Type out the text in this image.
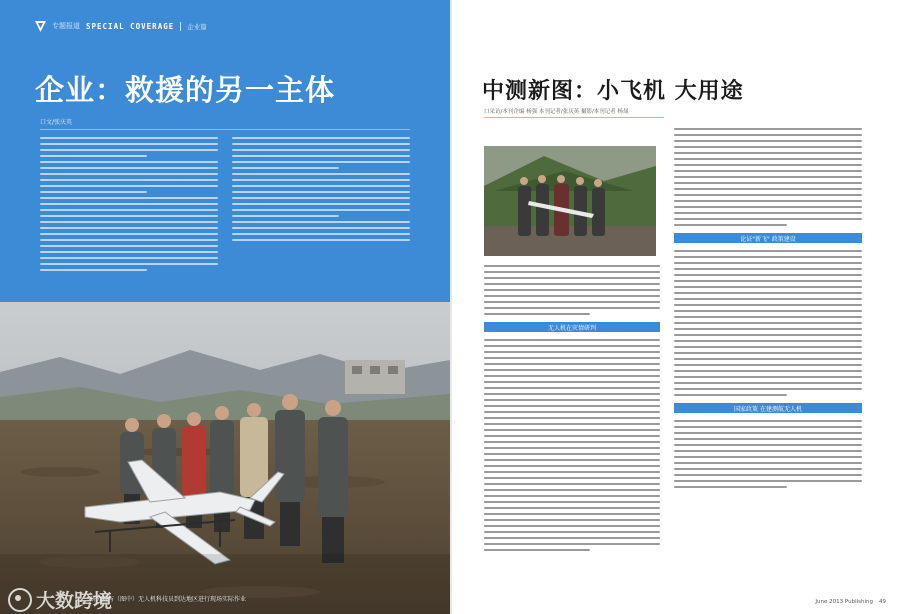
专题报道 SPECIAL COVERAGE 企业篇
企业：救援的另一主体
口文/张庆英
研究院与（图中）无人机科技员到达地区进行现场实际作业
大数跨境
中测新图：小飞机 大用途
口采访/本刊企编 杨强 本刊记者/张庆英 摄影/本刊记者 杨晟
无人机在灾情研判
论证"新飞" 政策建设
国家政策 在建测航无人机
June 2013 Publishing 49
